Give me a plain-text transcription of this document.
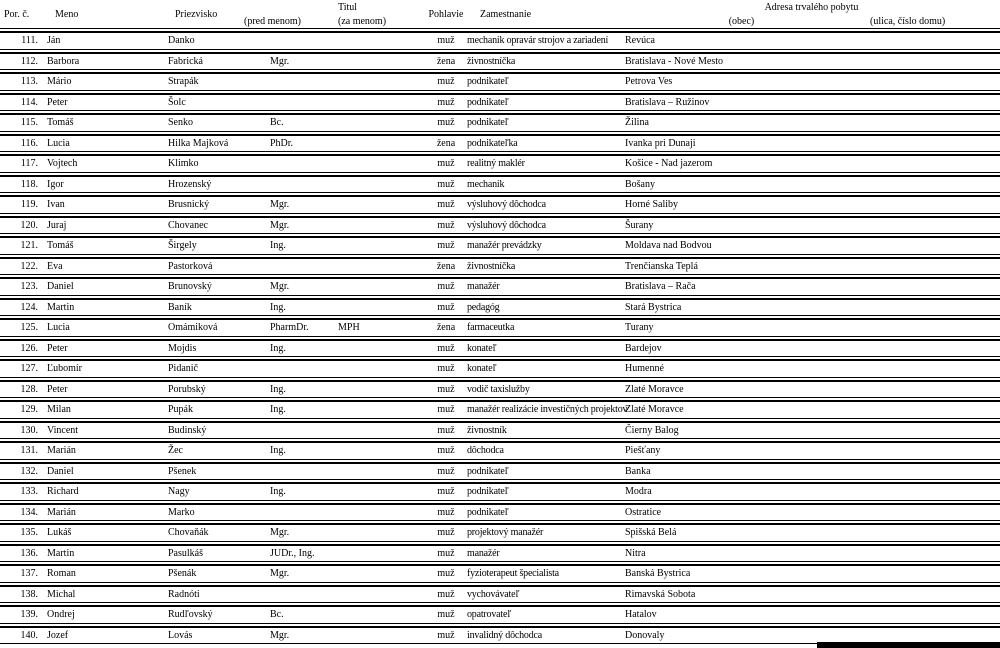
Por. č.	Meno	Priezvisko	Titul		Pohlavie	Zamestnanie	Adresa trvalého pobytu	
			(pred menom)	(za menom)			(obec)	(ulica, číslo domu)
111.	Ján	Danko			muž	mechanik opravár strojov a zariadení	Revúca	
112.	Barbora	Fabrická	Mgr.		žena	živnostníčka	Bratislava - Nové Mesto	
113.	Mário	Strapák			muž	podnikateľ	Petrova Ves	
114.	Peter	Šolc			muž	podnikateľ	Bratislava – Ružinov	
115.	Tomáš	Senko	Bc.		muž	podnikateľ	Žilina	
116.	Lucia	Hilka Majková	PhDr.		žena	podnikateľka	Ivanka pri Dunaji	
117.	Vojtech	Klimko			muž	realitný maklér	Košice - Nad jazerom	
118.	Igor	Hrozenský			muž	mechanik	Bošany	
119.	Ivan	Brusnický	Mgr.		muž	výsluhový dôchodca	Horné Saliby	
120.	Juraj	Chovanec	Mgr.		muž	výsluhový dôchodca	Šurany	
121.	Tomáš	Širgely	Ing.		muž	manažér prevádzky	Moldava nad Bodvou	
122.	Eva	Pastorková			žena	živnostníčka	Trenčianska Teplá	
123.	Daniel	Brunovský	Mgr.		muž	manažér	Bratislava – Rača	
124.	Martin	Baník	Ing.		muž	pedagóg	Stará Bystrica	
125.	Lucia	Omámiková	PharmDr.	MPH	žena	farmaceutka	Turany	
126.	Peter	Mojdis	Ing.		muž	konateľ	Bardejov	
127.	Ľubomír	Pidanič			muž	konateľ	Humenné	
128.	Peter	Porubský	Ing.		muž	vodič taxislužby	Zlaté Moravce	
129.	Milan	Pupák	Ing.		muž	manažér realizácie investičných projektov	Zlaté Moravce	
130.	Vincent	Budinský			muž	živnostník	Čierny Balog	
131.	Marián	Žec	Ing.		muž	dôchodca	Piešťany	
132.	Daniel	Pšenek			muž	podnikateľ	Banka	
133.	Richard	Nagy	Ing.		muž	podnikateľ	Modra	
134.	Marián	Marko			muž	podnikateľ	Ostratice	
135.	Lukáš	Chovaňák	Mgr.		muž	projektový manažér	Spišská Belá	
136.	Martin	Pasulkáš	JUDr., Ing.		muž	manažér	Nitra	
137.	Roman	Pšenák	Mgr.		muž	fyzioterapeut špecialista	Banská Bystrica	
138.	Michal	Radnóti			muž	vychovávateľ	Rimavská Sobota	
139.	Ondrej	Rudľovský	Bc.		muž	opatrovateľ	Hatalov	
140.	Jozef	Lovás	Mgr.		muž	invalidný dôchodca	Donovaly	
